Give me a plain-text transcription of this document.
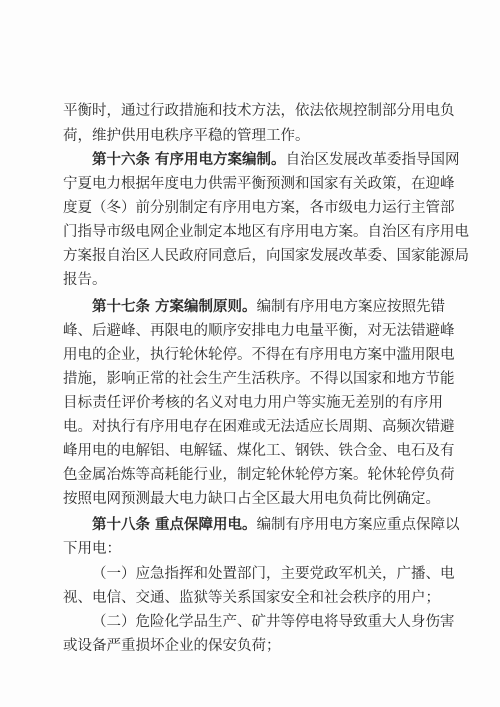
平衡时，通过行政措施和技术方法，依法依规控制部分用电负
荷，维护供用电秩序平稳的管理工作。
第十六条 有序用电方案编制。自治区发展改革委指导国网
宁夏电力根据年度电力供需平衡预测和国家有关政策，在迎峰
度夏（冬）前分别制定有序用电方案，各市级电力运行主管部
门指导市级电网企业制定本地区有序用电方案。自治区有序用电
方案报自治区人民政府同意后，向国家发展改革委、国家能源局
报告。
第十七条 方案编制原则。编制有序用电方案应按照先错
峰、后避峰、再限电的顺序安排电力电量平衡，对无法错避峰
用电的企业，执行轮休轮停。不得在有序用电方案中滥用限电
措施，影响正常的社会生产生活秩序。不得以国家和地方节能
目标责任评价考核的名义对电力用户等实施无差别的有序用
电。对执行有序用电存在困难或无法适应长周期、高频次错避
峰用电的电解铝、电解锰、煤化工、钢铁、铁合金、电石及有
色金属冶炼等高耗能行业，制定轮休轮停方案。轮休轮停负荷
按照电网预测最大电力缺口占全区最大用电负荷比例确定。
第十八条 重点保障用电。编制有序用电方案应重点保障以
下用电：
（一）应急指挥和处置部门，主要党政军机关，广播、电
视、电信、交通、监狱等关系国家安全和社会秩序的用户；
（二）危险化学品生产、矿井等停电将导致重大人身伤害
或设备严重损坏企业的保安负荷；
